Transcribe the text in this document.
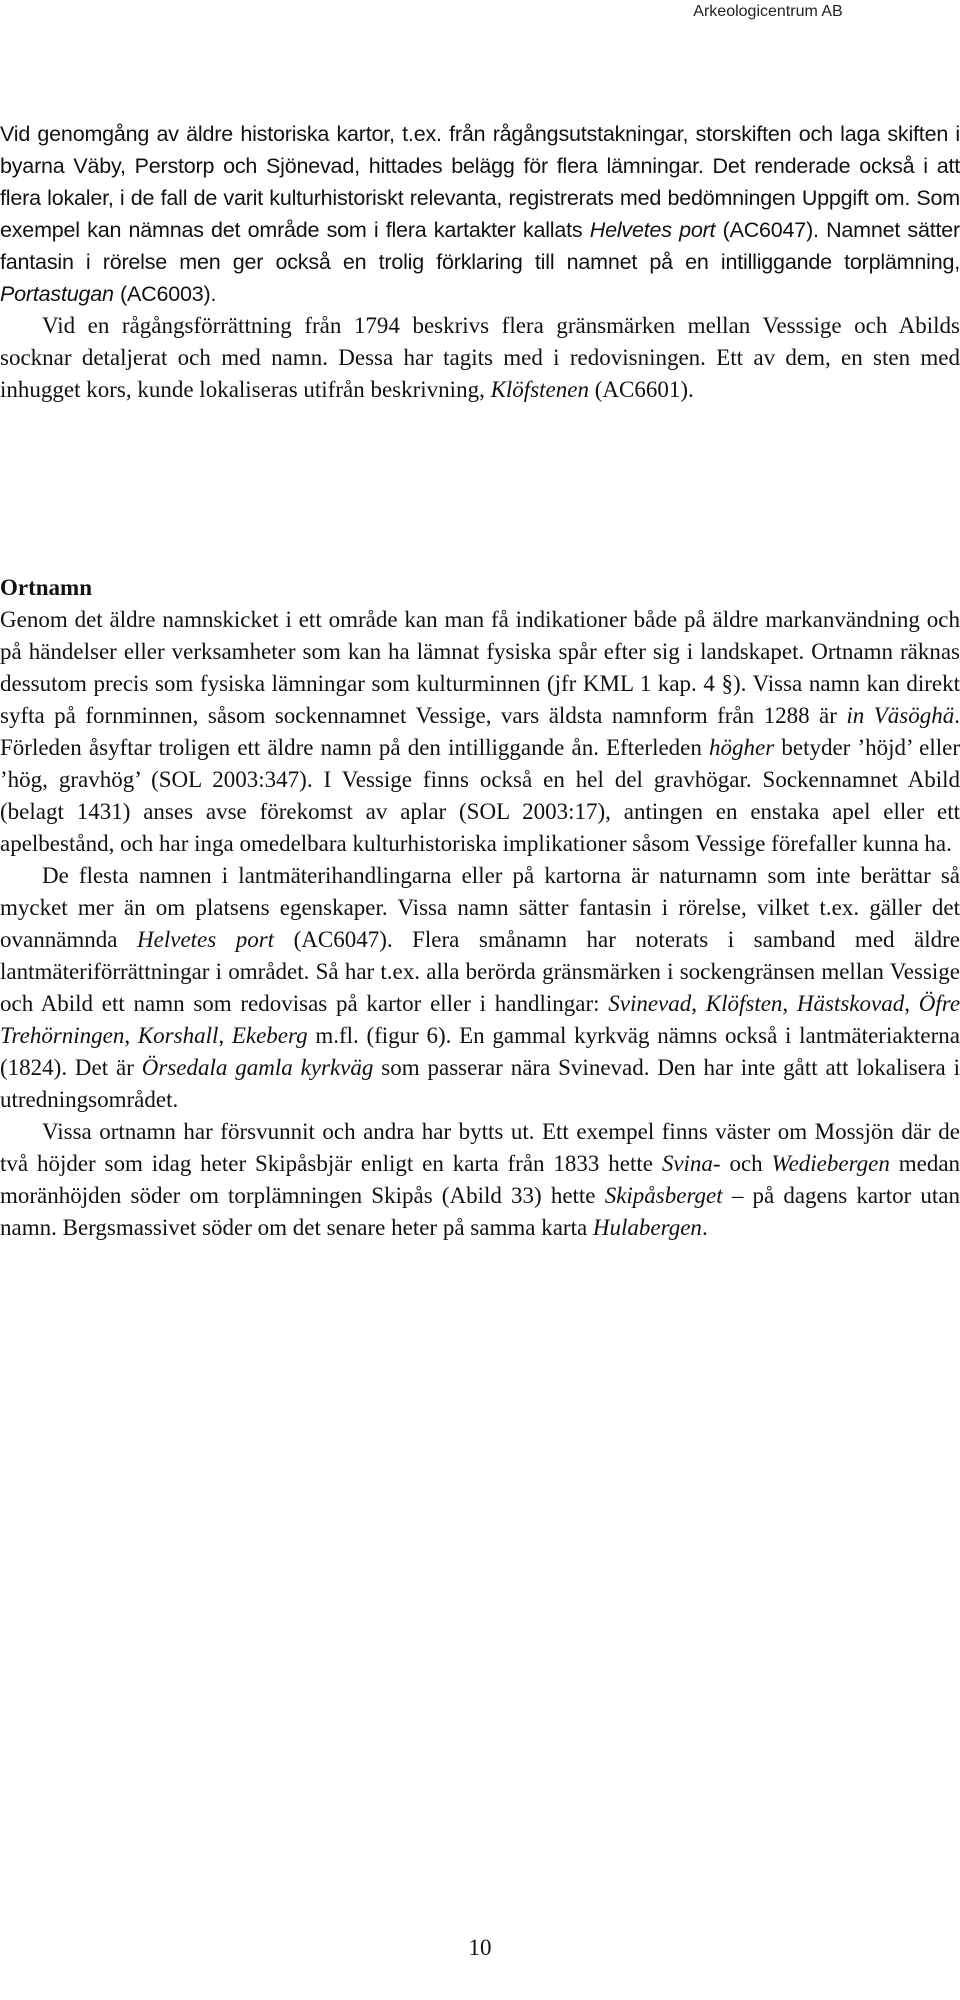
Arkeologicentrum AB

Vid genomgång av äldre historiska kartor, t.ex. från rågångsutstakningar, storskiften och laga skiften i byarna Väby, Perstorp och Sjönevad, hittades belägg för flera lämningar. Det renderade också i att flera lokaler, i de fall de varit kulturhistoriskt relevanta, registrerats med bedömningen Uppgift om. Som exempel kan nämnas det område som i flera kartakter kallats Helvetes port (AC6047). Namnet sätter fantasin i rörelse men ger också en trolig förklaring till namnet på en intilliggande torplämning, Portastugan (AC6003).

Vid en rågångsförrättning från 1794 beskrivs flera gränsmärken mellan Vesssige och Abilds socknar detaljerat och med namn. Dessa har tagits med i redovisningen. Ett av dem, en sten med inhugget kors, kunde lokaliseras utifrån beskrivning, Klöfstenen (AC6601).

Ortnamn

Genom det äldre namnskicket i ett område kan man få indikationer både på äldre markanvändning och på händelser eller verksamheter som kan ha lämnat fysiska spår efter sig i landskapet. Ortnamn räknas dessutom precis som fysiska lämningar som kulturminnen (jfr KML 1 kap. 4 §). Vissa namn kan direkt syfta på fornminnen, såsom sockennamnet Vessige, vars äldsta namnform från 1288 är in Väsöghä. Förleden åsyftar troligen ett äldre namn på den intilliggande ån. Efterleden högher betyder ’höjd’ eller ’hög, gravhög’ (SOL 2003:347). I Vessige finns också en hel del gravhögar. Sockennamnet Abild (belagt 1431) anses avse förekomst av aplar (SOL 2003:17), antingen en enstaka apel eller ett apelbestånd, och har inga omedelbara kulturhistoriska implikationer såsom Vessige förefaller kunna ha.

De flesta namnen i lantmäterihandlingarna eller på kartorna är naturnamn som inte berättar så mycket mer än om platsens egenskaper. Vissa namn sätter fantasin i rörelse, vilket t.ex. gäller det ovannämnda Helvetes port (AC6047). Flera smånamn har noterats i samband med äldre lantmäteriförrättningar i området. Så har t.ex. alla berörda gränsmärken i sockengränsen mellan Vessige och Abild ett namn som redovisas på kartor eller i handlingar: Svinevad, Klöfsten, Hästskovad, Öfre Trehörningen, Korshall, Ekeberg m.fl. (figur 6). En gammal kyrkväg nämns också i lantmäteriakterna (1824). Det är Örsedala gamla kyrkväg som passerar nära Svinevad. Den har inte gått att lokalisera i utredningsområdet.

Vissa ortnamn har försvunnit och andra har bytts ut. Ett exempel finns väster om Mossjön där de två höjder som idag heter Skipåsbjär enligt en karta från 1833 hette Svina- och Wediebergen medan moränhöjden söder om torplämningen Skipås (Abild 33) hette Skipåsberget – på dagens kartor utan namn. Bergsmassivet söder om det senare heter på samma karta Hulabergen.

10
